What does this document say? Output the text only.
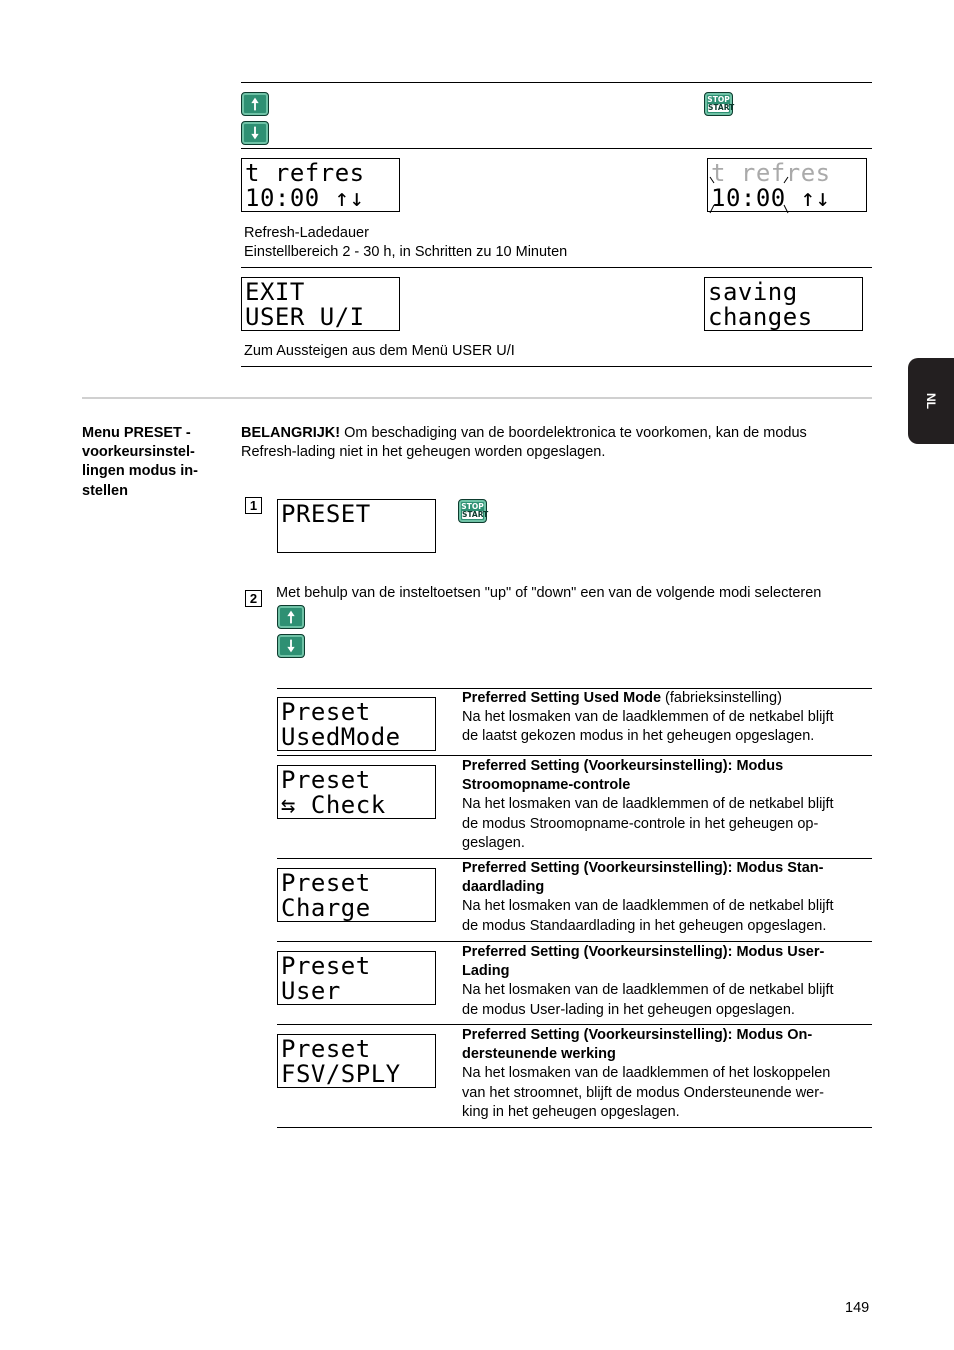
NL
STOP
START
t refres
10:00 ↑↓
t refres
10:00 ↑↓
Refresh-Ladedauer
Einstellbereich 2 - 30 h, in Schritten zu 10 Minuten
EXIT
USER U/I
saving
changes
Zum Aussteigen aus dem Menü USER U/I
Menu PRESET -
voorkeursinstel-
lingen modus in-
stellen
BELANGRIJK! Om beschadiging van de boordelektronica te voorkomen, kan de modus
Refresh-lading niet in het geheugen worden opgeslagen.
1 PRESET	STOP
START
2	Met behulp van de insteltoetsen "up" of "down" een van de volgende modi selecteren
Preset
UsedMode
Preferred Setting Used Mode (fabrieksinstelling)
Na het losmaken van de laadklemmen of de netkabel blijft
de laatst gekozen modus in het geheugen opgeslagen.
Preset
⇆ Check
Preferred Setting (Voorkeursinstelling): Modus
Stroomopname-controle
Na het losmaken van de laadklemmen of de netkabel blijft
de modus Stroomopname-controle in het geheugen op-
geslagen.
Preset
Charge
Preferred Setting (Voorkeursinstelling): Modus Stan-
daardlading
Na het losmaken van de laadklemmen of de netkabel blijft
de modus Standaardlading in het geheugen opgeslagen.
Preset
User
Preferred Setting (Voorkeursinstelling): Modus User-
Lading
Na het losmaken van de laadklemmen of de netkabel blijft
de modus User-lading in het geheugen opgeslagen.
Preset
FSV/SPLY
Preferred Setting (Voorkeursinstelling): Modus On-
dersteunende werking
Na het losmaken van de laadklemmen of het loskoppelen
van het stroomnet, blijft de modus Ondersteunende wer-
king in het geheugen opgeslagen.
149
